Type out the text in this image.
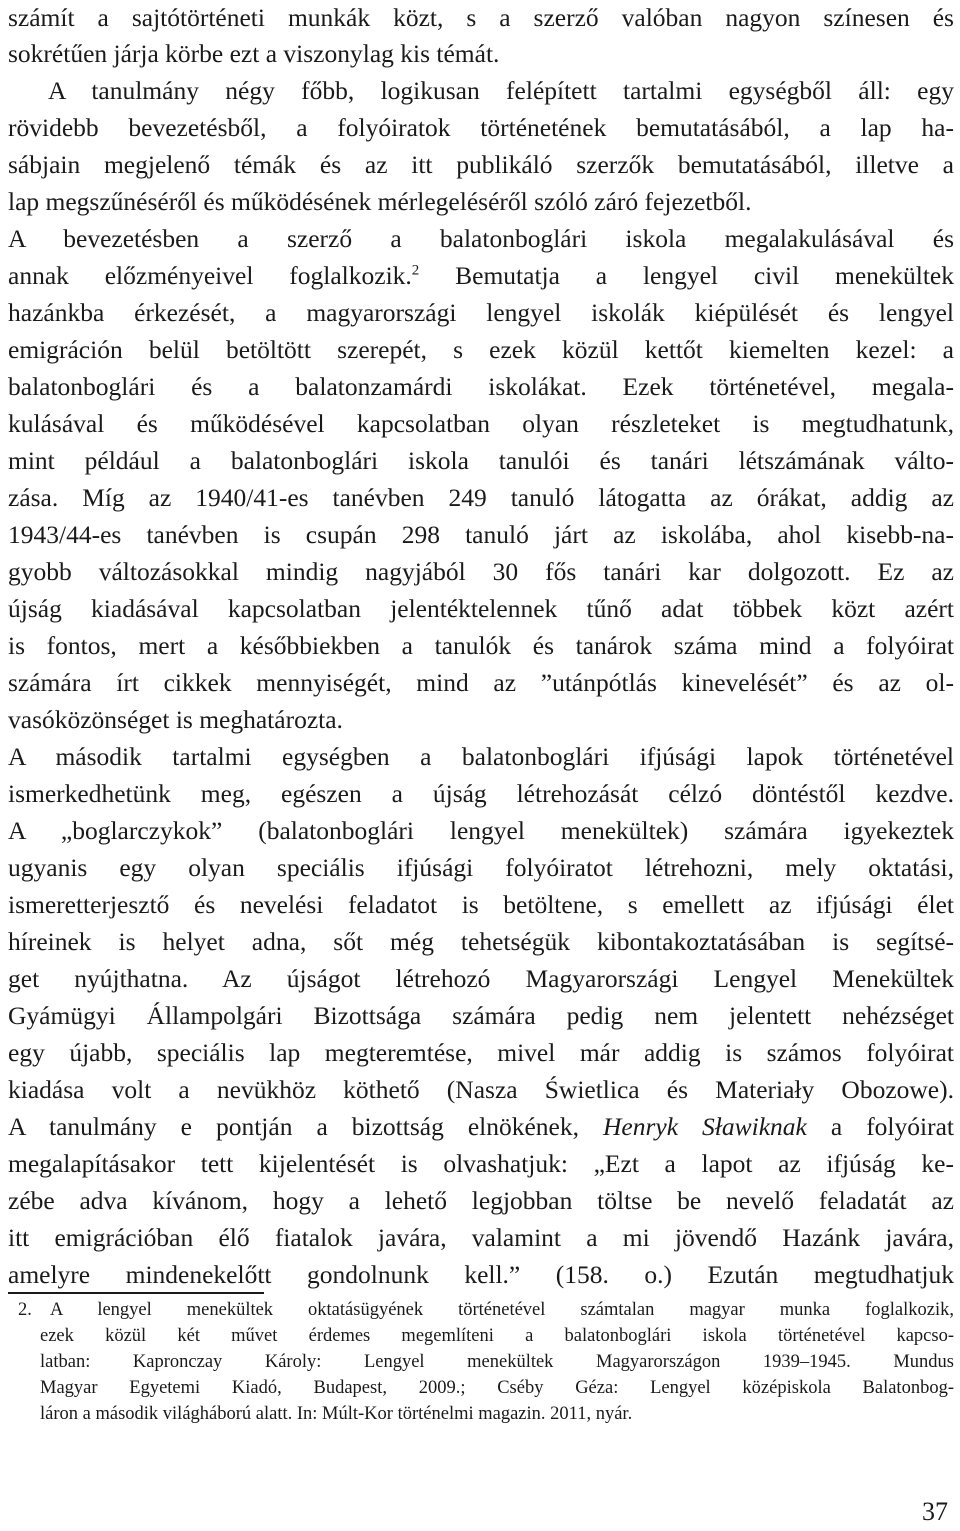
számít a sajtótörténeti munkák közt, s a szerző valóban nagyon színesen és
sokrétűen járja körbe ezt a viszonylag kis témát.
A tanulmány négy főbb, logikusan felépített tartalmi egységből áll: egy
rövidebb bevezetésből, a folyóiratok történetének bemutatásából, a lap ha-
sábjain megjelenő témák és az itt publikáló szerzők bemutatásából, illetve a
lap megszűnéséről és működésének mérlegeléséről szóló záró fejezetből.
A bevezetésben a szerző a balatonboglári iskola megalakulásával és
annak előzményeivel foglalkozik.$^2$ Bemutatja a lengyel civil menekültek
hazánkba érkezését, a magyarországi lengyel iskolák kiépülését és lengyel
emigráción belül betöltött szerepét, s ezek közül kettőt kiemelten kezel: a
balatonboglári és a balatonzamárdi iskolákat. Ezek történetével, megala-
kulásával és működésével kapcsolatban olyan részleteket is megtudhatunk,
mint például a balatonboglári iskola tanulói és tanári létszámának válto-
zása. Míg az 1940/41-es tanévben 249 tanuló látogatta az órákat, addig az
1943/44-es tanévben is csupán 298 tanuló járt az iskolába, ahol kisebb-na-
gyobb változásokkal mindig nagyjából 30 fős tanári kar dolgozott. Ez az
újság kiadásával kapcsolatban jelentéktelennek tűnő adat többek közt azért
is fontos, mert a későbbiekben a tanulók és tanárok száma mind a folyóirat
számára írt cikkek mennyiségét, mind az ”utánpótlás kinevelését” és az ol-
vasóközönséget is meghatározta.
A második tartalmi egységben a balatonboglári ifjúsági lapok történetével
ismerkedhetünk meg, egészen a újság létrehozását célzó döntéstől kezdve.
A „boglarczykok” (balatonboglári lengyel menekültek) számára igyekeztek
ugyanis egy olyan speciális ifjúsági folyóiratot létrehozni, mely oktatási,
ismeretterjesztő és nevelési feladatot is betöltene, s emellett az ifjúsági élet
híreinek is helyet adna, sőt még tehetségük kibontakoztatásában is segítsé-
get nyújthatna. Az újságot létrehozó Magyarországi Lengyel Menekültek
Gyámügyi Állampolgári Bizottsága számára pedig nem jelentett nehézséget
egy újabb, speciális lap megteremtése, mivel már addig is számos folyóirat
kiadása volt a nevükhöz köthető (Nasza Świetlica és Materiały Obozowe).
A tanulmány e pontján a bizottság elnökének, Henryk Sławiknak a folyóirat
megalapításakor tett kijelentését is olvashatjuk: „Ezt a lapot az ifjúság ke-
zébe adva kívánom, hogy a lehető legjobban töltse be nevelő feladatát az
itt emigrációban élő fiatalok javára, valamint a mi jövendő Hazánk javára,
amelyre mindenekelőtt gondolnunk kell.” (158. o.) Ezután megtudhatjuk
2. A lengyel menekültek oktatásügyének történetével számtalan magyar munka foglalkozik,
ezek közül két művet érdemes megemlíteni a balatonboglári iskola történetével kapcso-
latban: Kapronczay Károly: Lengyel menekültek Magyarországon 1939–1945. Mundus
Magyar Egyetemi Kiadó, Budapest, 2009.; Cséby Géza: Lengyel középiskola Balatonbog-
láron a második világháború alatt. In: Múlt-Kor történelmi magazin. 2011, nyár.
37
